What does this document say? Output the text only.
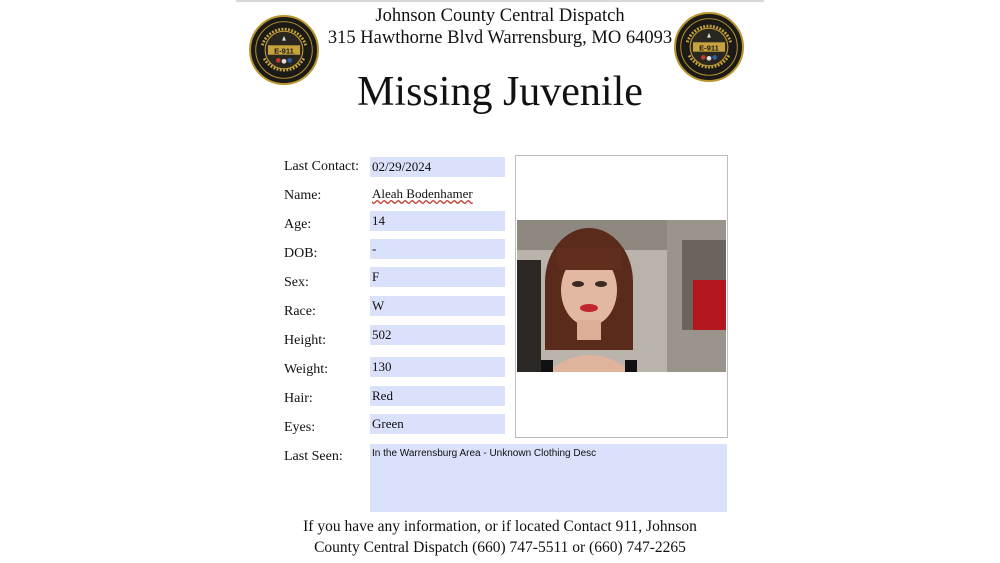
E-911	E-911
Johnson County Central Dispatch
315 Hawthorne Blvd Warrensburg, MO 64093
Missing Juvenile
Last Contact: 02/29/2024
Name:	Aleah Bodenhamer
Age:	14
DOB:	-
Sex:	F
Race:	W
Height:	502
Weight:	130
Hair:	Red
Eyes:	Green
Last Seen:	In the Warrensburg Area - Unknown Clothing Desc
If you have any information, or if located Contact 911, Johnson
County Central Dispatch (660) 747-5511 or (660) 747-2265
